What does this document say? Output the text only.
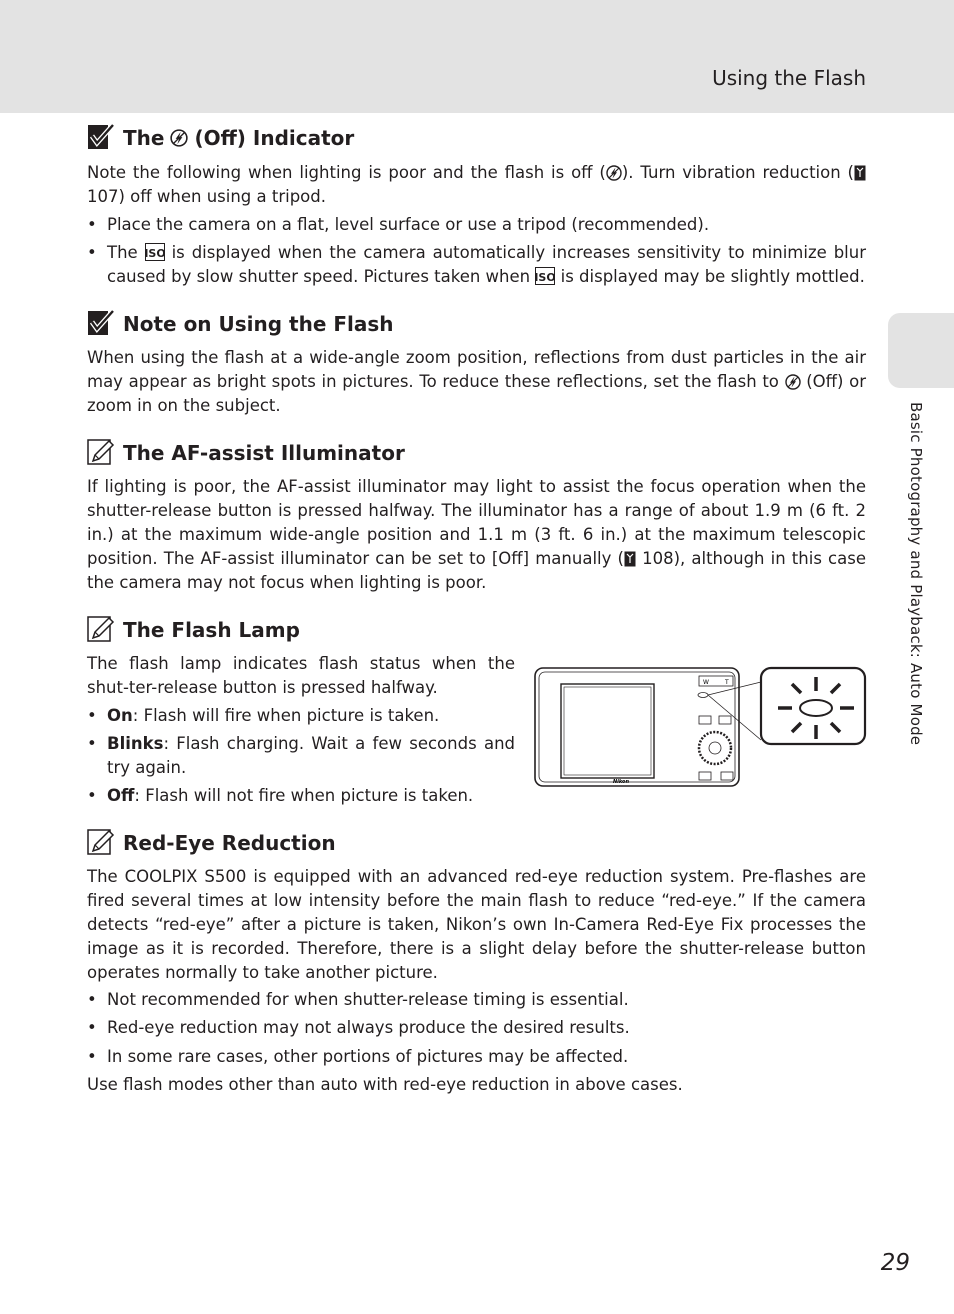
Using the Flash
Basic Photography and Playback: Auto Mode
The (Off) Indicator
Note the following when lighting is poor and the flash is off ( ). Turn vibration reduction ( 107) off when using a tripod.
• Place the camera on a flat, level surface or use a tripod (recommended).
• The  is displayed when the camera automatically increases sensitivity to minimize blur caused by slow shutter speed. Pictures taken when  is displayed may be slightly mottled.
Note on Using the Flash
When using the flash at a wide-angle zoom position, reflections from dust particles in the air may appear as bright spots in pictures. To reduce these reflections, set the flash to  (Off) or zoom in on the subject.
The AF-assist Illuminator
If lighting is poor, the AF-assist illuminator may light to assist the focus operation when the shutter-release button is pressed halfway. The illuminator has a range of about 1.9 m (6 ft. 2 in.) at the maximum wide-angle position and 1.1 m (3 ft. 6 in.) at the maximum telescopic position. The AF-assist illuminator can be set to [Off] manually ( 108), although in this case the camera may not focus when lighting is poor.
The Flash Lamp
The flash lamp indicates flash status when the shut-ter-release button is pressed halfway.
• On: Flash will fire when picture is taken.
• Blinks: Flash charging. Wait a few seconds and try again.
• Off: Flash will not fire when picture is taken.
Nikon
W	T
Red-Eye Reduction
The COOLPIX S500 is equipped with an advanced red-eye reduction system. Pre-flashes are fired several times at low intensity before the main flash to reduce “red-eye.” If the camera detects “red-eye” after a picture is taken, Nikon’s own In-Camera Red-Eye Fix processes the image as it is recorded. Therefore, there is a slight delay before the shutter-release button operates normally to take another picture.
• Not recommended for when shutter-release timing is essential.
• Red-eye reduction may not always produce the desired results.
• In some rare cases, other portions of pictures may be affected.
Use flash modes other than auto with red-eye reduction in above cases.
29
